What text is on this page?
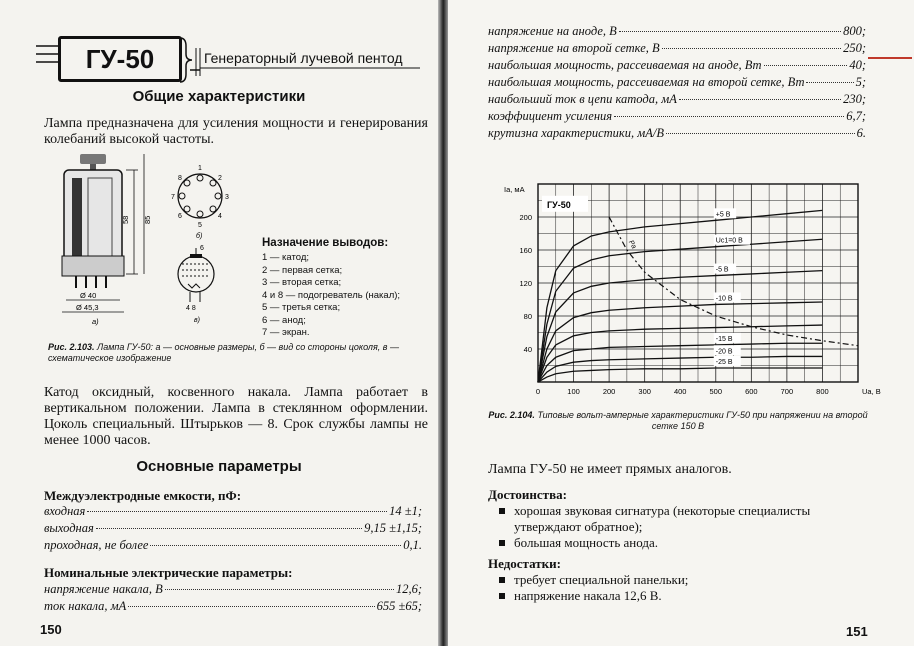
ГУ-50	Генераторный лучевой пентод
Общие характеристики
Лампа предназначена для усиления мощности и генерирования колебаний высокой частоты.
Ø 40
Ø 45,3
58 85
а)
1
2
3
4
5
6
7
8
б)
6
4 8
в)
Назначение выводов:
1 — катод;
2 — первая сетка;
3 — вторая сетка;
4 и 8 — подогреватель (накал);
5 — третья сетка;
6 — анод;
7 — экран.
Рис. 2.103. Лампа ГУ-50: а — основные размеры, б — вид со стороны цоколя, в — схематическое изображение
Катод оксидный, косвенного накала. Лампа работает в вертикальном положении. Лампа в стеклянном оформлении. Цоколь специальный. Штырьков — 8. Срок службы лампы не менее 1000 часов.
Основные параметры
Междуэлектродные емкости, пФ:
входная	14 ±1;
выходная	9,15 ±1,15;
проходная, не более	0,1.
Номинальные электрические параметры:
напряжение накала, В	12,6;
ток накала, мА	655 ±65;
150
напряжение на аноде, В	800;
напряжение на второй сетке, В	250;
наибольшая мощность, рассеиваемая на аноде, Вт	40;
наибольшая мощность, рассеиваемая на второй сетке, Вт	5;
наибольший ток в цепи катода, мА	230;
коэффициент усиления	6,7;
крутизна характеристики, мА/В	6.
0	100	200	300	400	500	600	700	800
40
80
120
160
200
Iа, мА
Uа, В
ГУ-50
+5 В
Uс1=0 В
-5 В
-10 В
-15 В
-20 В
-25 В
Ра
Рис. 2.104. Типовые вольт-амперные характеристики ГУ-50 при напряжении на второй сетке 150 В
Лампа ГУ-50 не имеет прямых аналогов.
Достоинства:
хорошая звуковая сигнатура (некоторые специалисты утверждают обратное);
большая мощность анода.
Недостатки:
требует специальной панельки;
напряжение накала 12,6 В.
151
